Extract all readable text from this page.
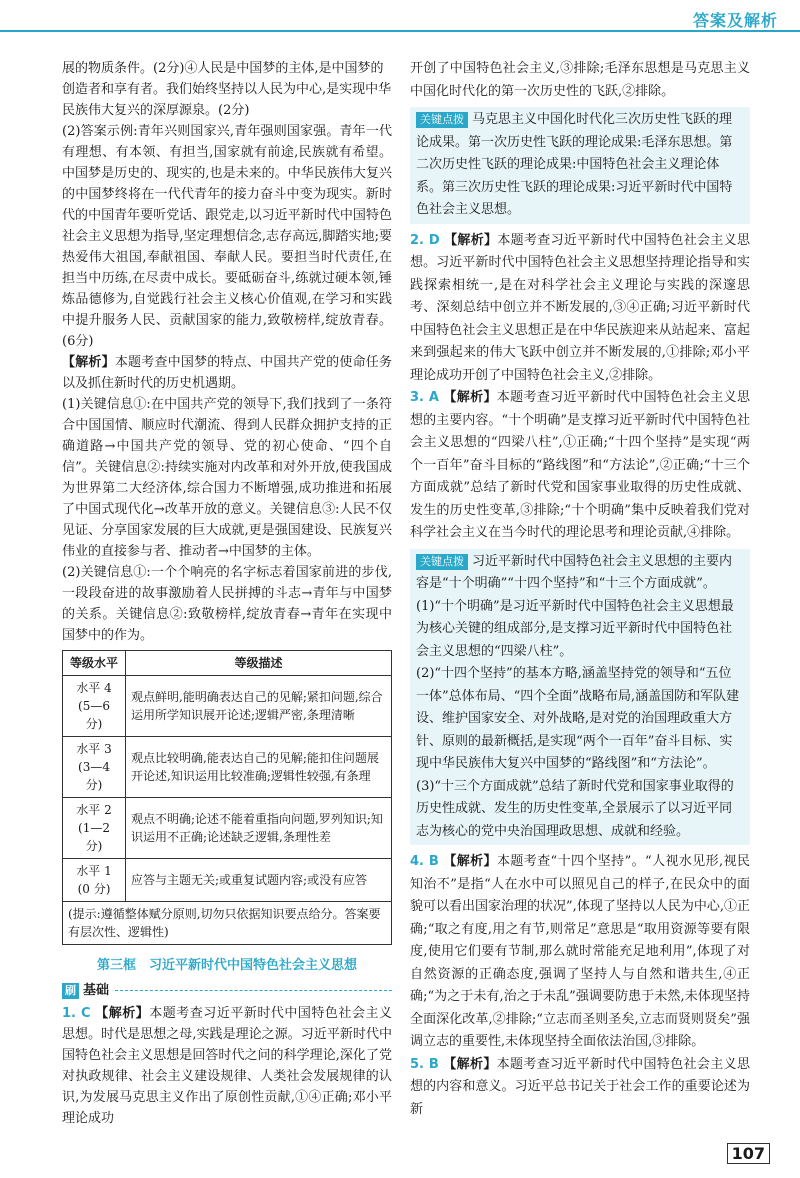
答案及解析

展的物质条件。(2分)④人民是中国梦的主体,是中国梦的

创造者和享有者。我们始终坚持以人民为中心,是实现中华

民族伟大复兴的深厚源泉。(2分)

(2)答案示例:青年兴则国家兴,青年强则国家强。青年一代有理想、有本领、有担当,国家就有前途,民族就有希望。中国梦是历史的、现实的,也是未来的。中华民族伟大复兴的中国梦终将在一代代青年的接力奋斗中变为现实。新时代的中国青年要听党话、跟党走,以习近平新时代中国特色社会主义思想为指导,坚定理想信念,志存高远,脚踏实地;要热爱伟大祖国,奉献祖国、奉献人民。要担当时代责任,在担当中历练,在尽责中成长。要砥砺奋斗,练就过硬本领,锤炼品德修为,自觉践行社会主义核心价值观,在学习和实践中提升服务人民、贡献国家的能力,致敬榜样,绽放青春。(6分)

【解析】本题考查中国梦的特点、中国共产党的使命任务以及抓住新时代的历史机遇期。

(1)关键信息①:在中国共产党的领导下,我们找到了一条符合中国国情、顺应时代潮流、得到人民群众拥护支持的正确道路→中国共产党的领导、党的初心使命、“四个自信”。关键信息②:持续实施对内改革和对外开放,使我国成为世界第二大经济体,综合国力不断增强,成功推进和拓展了中国式现代化→改革开放的意义。关键信息③:人民不仅见证、分享国家发展的巨大成就,更是强国建设、民族复兴伟业的直接参与者、推动者→中国梦的主体。

(2)关键信息①:一个个响亮的名字标志着国家前进的步伐,一段段奋进的故事激励着人民拼搏的斗志→青年与中国梦的关系。关键信息②:致敬榜样,绽放青春→青年在实现中国梦中的作为。

等级水平	等级描述
水平 4
(5—6 分)	观点鲜明,能明确表达自己的见解;紧扣问题,综合运用所学知识展开论述;逻辑严密,条理清晰
水平 3
(3—4 分)	观点比较明确,能表达自己的见解;能扣住问题展开论述,知识运用比较准确;逻辑性较强,有条理
水平 2
(1—2 分)	观点不明确;论述不能着重指向问题,罗列知识;知识运用不正确;论述缺乏逻辑,条理性差
水平 1
(0 分)	应答与主题无关;或重复试题内容;或没有应答
(提示:遵循整体赋分原则,切勿只依据知识要点给分。答案要有层次性、逻辑性)	
第三框　习近平新时代中国特色社会主义思想
刷 基础

1. C 【解析】本题考查习近平新时代中国特色社会主义思想。时代是思想之母,实践是理论之源。习近平新时代中国特色社会主义思想是回答时代之问的科学理论,深化了党对执政规律、社会主义建设规律、人类社会发展规律的认识,为发展马克思主义作出了原创性贡献,①④正确;邓小平理论成功

开创了中国特色社会主义,③排除;毛泽东思想是马克思主义中国化时代化的第一次历史性的飞跃,②排除。

关键点拨 马克思主义中国化时代化三次历史性飞跃的理论成果。第一次历史性飞跃的理论成果:毛泽东思想。第二次历史性飞跃的理论成果:中国特色社会主义理论体系。第三次历史性飞跃的理论成果:习近平新时代中国特色社会主义思想。

2. D 【解析】本题考查习近平新时代中国特色社会主义思想。习近平新时代中国特色社会主义思想坚持理论指导和实践探索相统一,是在对科学社会主义理论与实践的深邃思考、深刻总结中创立并不断发展的,③④正确;习近平新时代中国特色社会主义思想正是在中华民族迎来从站起来、富起来到强起来的伟大飞跃中创立并不断发展的,①排除;邓小平理论成功开创了中国特色社会主义,②排除。

3. A 【解析】本题考查习近平新时代中国特色社会主义思想的主要内容。“十个明确”是支撑习近平新时代中国特色社会主义思想的“四梁八柱”,①正确;“十四个坚持”是实现“两个一百年”奋斗目标的“路线图”和“方法论”,②正确;“十三个方面成就”总结了新时代党和国家事业取得的历史性成就、发生的历史性变革,③排除;“十个明确”集中反映着我们党对科学社会主义在当今时代的理论思考和理论贡献,④排除。

关键点拨 习近平新时代中国特色社会主义思想的主要内容是“十个明确”“十四个坚持”和“十三个方面成就”。
(1)“十个明确”是习近平新时代中国特色社会主义思想最为核心关键的组成部分,是支撑习近平新时代中国特色社会主义思想的“四梁八柱”。
(2)“十四个坚持”的基本方略,涵盖坚持党的领导和“五位一体”总体布局、“四个全面”战略布局,涵盖国防和军队建设、维护国家安全、对外战略,是对党的治国理政重大方针、原则的最新概括,是实现“两个一百年”奋斗目标、实现中华民族伟大复兴中国梦的“路线图”和“方法论”。
(3)“十三个方面成就”总结了新时代党和国家事业取得的历史性成就、发生的历史性变革,全景展示了以习近平同志为核心的党中央治国理政思想、成就和经验。

4. B 【解析】本题考查“十四个坚持”。“人视水见形,视民知治不”是指“人在水中可以照见自己的样子,在民众中的面貌可以看出国家治理的状况”,体现了坚持以人民为中心,①正确;“取之有度,用之有节,则常足”意思是“取用资源等要有限度,使用它们要有节制,那么就时常能充足地利用”,体现了对自然资源的正确态度,强调了坚持人与自然和谐共生,④正确;“为之于未有,治之于未乱”强调要防患于未然,未体现坚持全面深化改革,②排除;“立志而圣则圣矣,立志而贤则贤矣”强调立志的重要性,未体现坚持全面依法治国,③排除。

5. B 【解析】本题考查习近平新时代中国特色社会主义思想的内容和意义。习近平总书记关于社会工作的重要论述为新

107
